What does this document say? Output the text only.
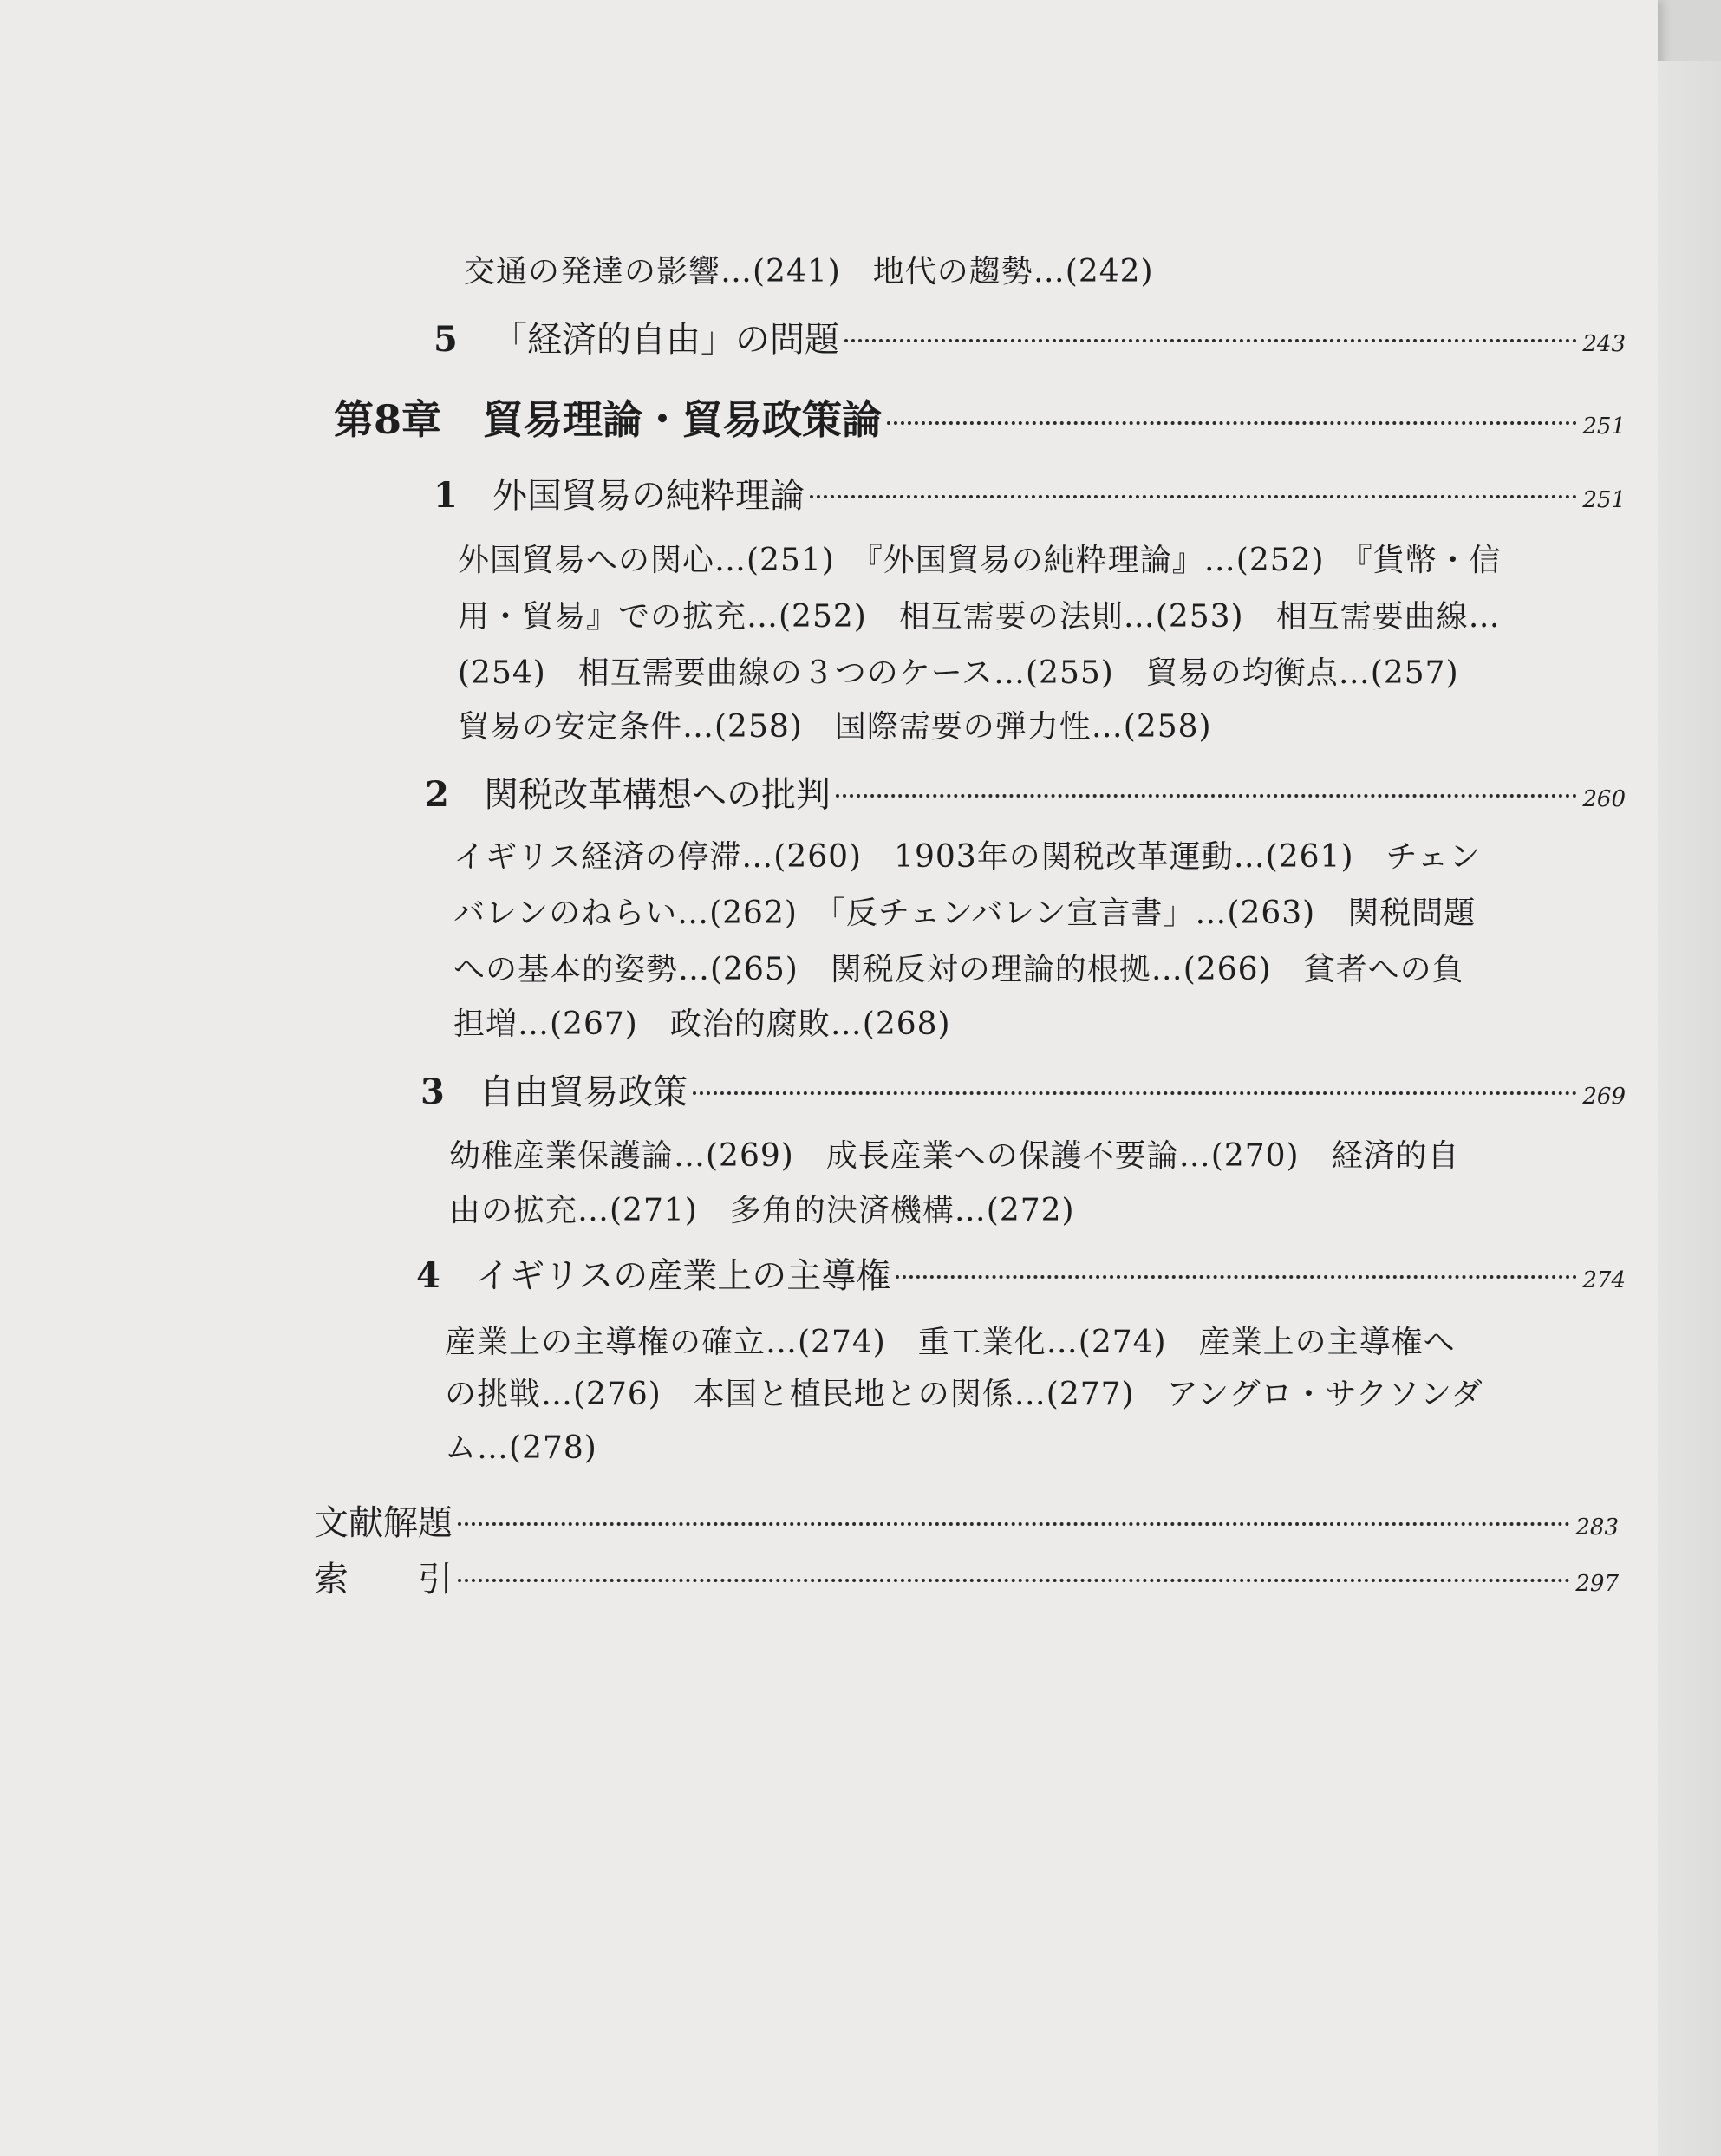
交通の発達の影響…(241)　地代の趨勢…(242)
5	「経済的自由」の問題	243
第8章 貿易理論・貿易政策論	251
1	外国貿易の純粋理論	251
外国貿易への関心…(251)　『外国貿易の純粋理論』…(252)　『貨幣・信
用・貿易』での拡充…(252)　相互需要の法則…(253)　相互需要曲線…
(254)　相互需要曲線の３つのケース…(255)　貿易の均衡点…(257)
貿易の安定条件…(258)　国際需要の弾力性…(258)
2	関税改革構想への批判	260
イギリス経済の停滞…(260)　1903年の関税改革運動…(261)　チェン
バレンのねらい…(262)　「反チェンバレン宣言書」…(263)　関税問題
への基本的姿勢…(265)　関税反対の理論的根拠…(266)　貧者への負
担増…(267)　政治的腐敗…(268)
3	自由貿易政策	269
幼稚産業保護論…(269)　成長産業への保護不要論…(270)　経済的自
由の拡充…(271)　多角的決済機構…(272)
4	イギリスの産業上の主導権	274
産業上の主導権の確立…(274)　重工業化…(274)　産業上の主導権へ
の挑戦…(276)　本国と植民地との関係…(277)　アングロ・サクソンダ
ム…(278)
文献解題	283
索　　引	297
